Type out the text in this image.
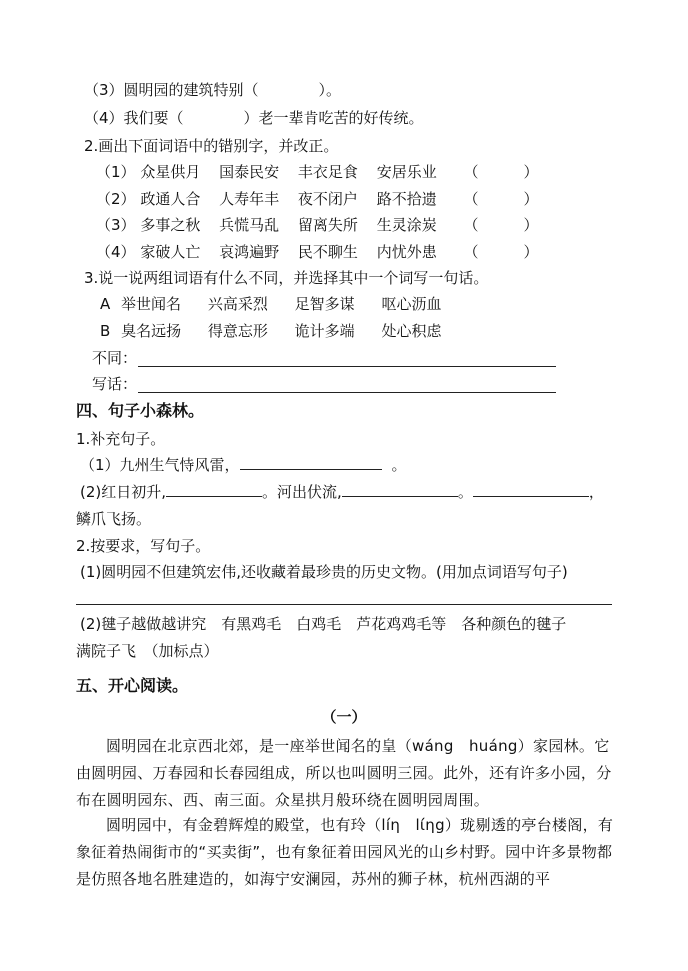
（3）圆明园的建筑特别（　　　　）。
（4）我们要（　　　　）老一辈肯吃苦的好传统。
2.画出下面词语中的错别字，并改正。
（1） 众星供月 国泰民安 丰衣足食 安居乐业 （　　　）
（2） 政通人合 人寿年丰 夜不闭户 路不拾遗 （　　　）
（3） 多事之秋 兵慌马乱 留离失所 生灵涂炭 （　　　）
（4） 家破人亡 哀鸿遍野 民不聊生 内忧外患 （　　　）
3.说一说两组词语有什么不同，并选择其中一个词写一句话。
A 举世闻名 兴高采烈 足智多谋 呕心沥血
B 臭名远扬 得意忘形 诡计多端 处心积虑
不同：
写话：
四、句子小森林。
1.补充句子。
（1）九州生气恃风雷，	。
(2)红日初升,	。河出伏流,	。	，
鳞爪飞扬。
2.按要求，写句子。
(1)圆明园不但建筑宏伟,还收藏着最珍贵的历史文物。(用加点词语写句子)
(2)毽子越做越讲究　有黑鸡毛　白鸡毛　芦花鸡鸡毛等　各种颜色的毽子
满院子飞　（加标点）
五、开心阅读。
（一）
圆明园在北京西北郊，是一座举世闻名的皇（wáng　huáng）家园林。它由圆明园、万春园和长春园组成，所以也叫圆明三园。此外，还有许多小园，分布在圆明园东、西、南三面。众星拱月般环绕在圆明园周围。
圆明园中，有金碧辉煌的殿堂，也有玲（líη　lίηg）珑剔透的亭台楼阁，有象征着热闹街市的“买卖街”，也有象征着田园风光的山乡村野。园中许多景物都是仿照各地名胜建造的，如海宁安澜园，苏州的狮子林，杭州西湖的平
